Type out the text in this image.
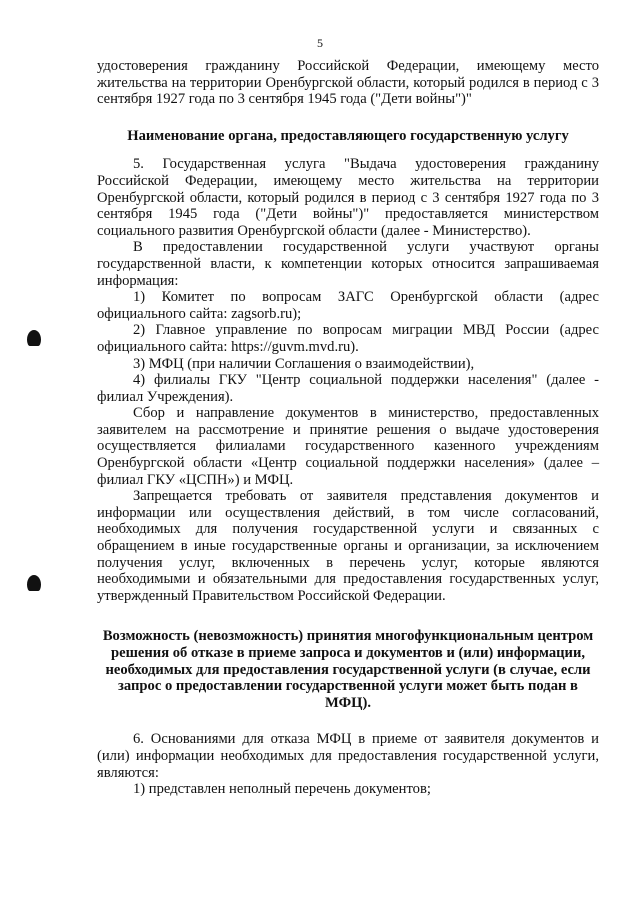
5

удостоверения гражданину Российской Федерации, имеющему место жительства на территории Оренбургской области, который родился в период с 3 сентября 1927 года по 3 сентября 1945 года ("Дети войны")"

Наименование органа, предоставляющего государственную услугу

5. Государственная услуга "Выдача удостоверения гражданину Российской Федерации, имеющему место жительства на территории Оренбургской области, который родился в период с 3 сентября 1927 года по 3 сентября 1945 года ("Дети войны")" предоставляется министерством социального развития Оренбургской области (далее - Министерство).

В предоставлении государственной услуги участвуют органы государственной власти, к компетенции которых относится запрашиваемая информация:

1) Комитет по вопросам ЗАГС Оренбургской области (адрес официального сайта: zagsorb.ru);

2) Главное управление по вопросам миграции МВД России (адрес официального сайта: https://guvm.mvd.ru).

3) МФЦ (при наличии Соглашения о взаимодействии),

4) филиалы ГКУ "Центр социальной поддержки населения" (далее - филиал Учреждения).

Сбор и направление документов в министерство, предоставленных заявителем на рассмотрение и принятие решения о выдаче удостоверения осуществляется филиалами государственного казенного учреждениям Оренбургской области «Центр социальной поддержки населения» (далее – филиал ГКУ «ЦСПН») и МФЦ.

Запрещается требовать от заявителя представления документов и информации или осуществления действий, в том числе согласований, необходимых для получения государственной услуги и связанных с обращением в иные государственные органы и организации, за исключением получения услуг, включенных в перечень услуг, которые являются необходимыми и обязательными для предоставления государственных услуг, утвержденный Правительством Российской Федерации.

Возможность (невозможность) принятия многофункциональным центром решения об отказе в приеме запроса и документов и (или) информации, необходимых для предоставления государственной услуги (в случае, если запрос о предоставлении государственной услуги может быть подан в МФЦ).

6. Основаниями для отказа МФЦ в приеме от заявителя документов и (или) информации необходимых для предоставления государственной услуги, являются:

1) представлен неполный перечень документов;
